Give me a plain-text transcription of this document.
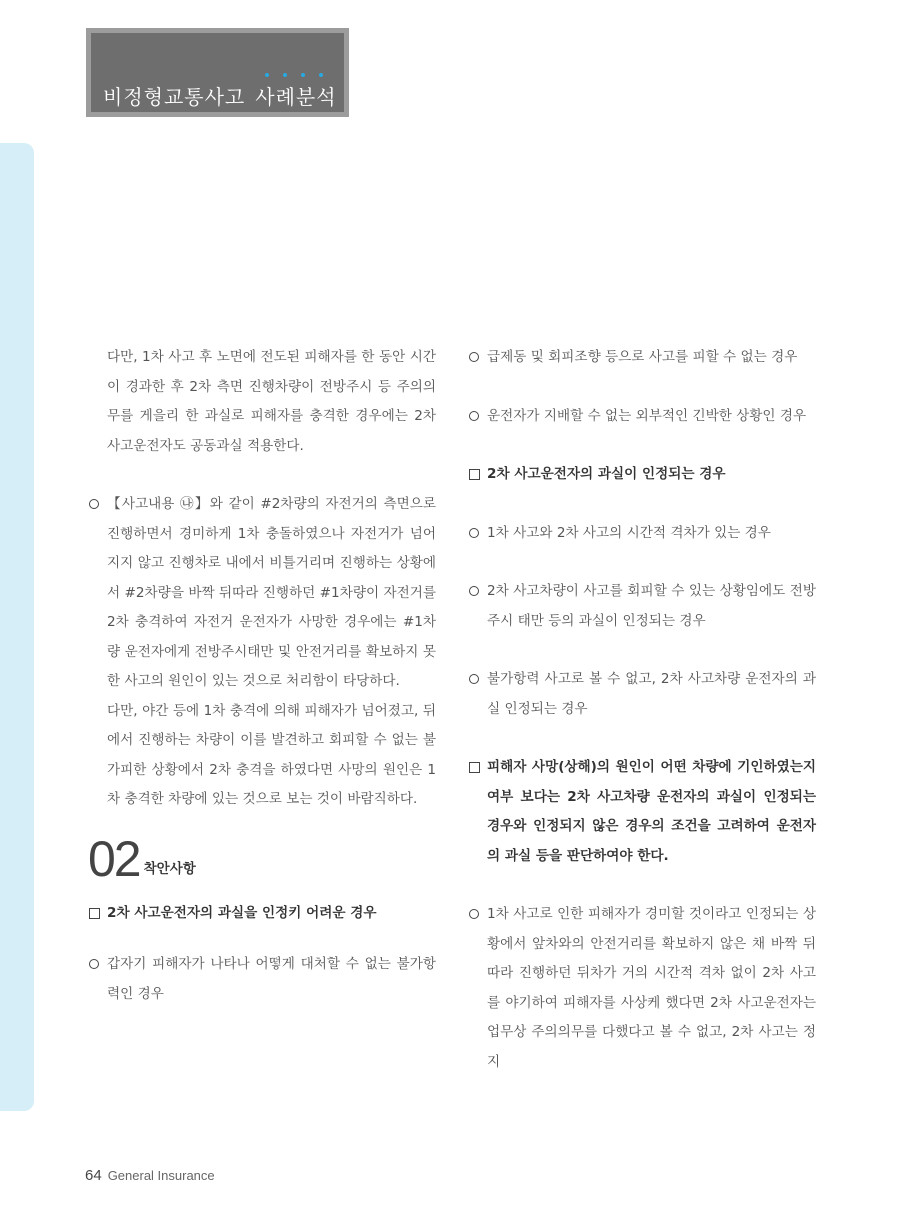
비정형교통사고 사례분석

다만, 1차 사고 후 노면에 전도된 피해자를 한 동안 시간이 경과한 후 2차 측면 진행차량이 전방주시 등 주의의무를 게을리 한 과실로 피해자를 충격한 경우에는 2차 사고운전자도 공동과실 적용한다.

【사고내용 ㉯】와 같이 #2차량의 자전거의 측면으로 진행하면서 경미하게 1차 충돌하였으나 자전거가 넘어지지 않고 진행차로 내에서 비틀거리며 진행하는 상황에서 #2차량을 바짝 뒤따라 진행하던 #1차량이 자전거를 2차 충격하여 자전거 운전자가 사망한 경우에는 #1차량 운전자에게 전방주시태만 및 안전거리를 확보하지 못한 사고의 원인이 있는 것으로 처리함이 타당하다.

다만, 야간 등에 1차 충격에 의해 피해자가 넘어졌고, 뒤에서 진행하는 차량이 이를 발견하고 회피할 수 없는 불가피한 상황에서 2차 충격을 하였다면 사망의 원인은 1차 충격한 차량에 있는 것으로 보는 것이 바람직하다.

02 착안사항

2차 사고운전자의 과실을 인정키 어려운 경우

갑자기 피해자가 나타나 어떻게 대처할 수 없는 불가항력인 경우

급제동 및 회피조향 등으로 사고를 피할 수 없는 경우

운전자가 지배할 수 없는 외부적인 긴박한 상황인 경우

2차 사고운전자의 과실이 인정되는 경우

1차 사고와 2차 사고의 시간적 격차가 있는 경우

2차 사고차량이 사고를 회피할 수 있는 상황임에도 전방주시 태만 등의 과실이 인정되는 경우

불가항력 사고로 볼 수 없고, 2차 사고차량 운전자의 과실 인정되는 경우

피해자 사망(상해)의 원인이 어떤 차량에 기인하였는지 여부 보다는 2차 사고차량 운전자의 과실이 인정되는 경우와 인정되지 않은 경우의 조건을 고려하여 운전자의 과실 등을 판단하여야 한다.

1차 사고로 인한 피해자가 경미할 것이라고 인정되는 상황에서 앞차와의 안전거리를 확보하지 않은 채 바짝 뒤따라 진행하던 뒤차가 거의 시간적 격차 없이 2차 사고를 야기하여 피해자를 사상케 했다면 2차 사고운전자는 업무상 주의의무를 다했다고 볼 수 없고, 2차 사고는 정지

64 General Insurance
